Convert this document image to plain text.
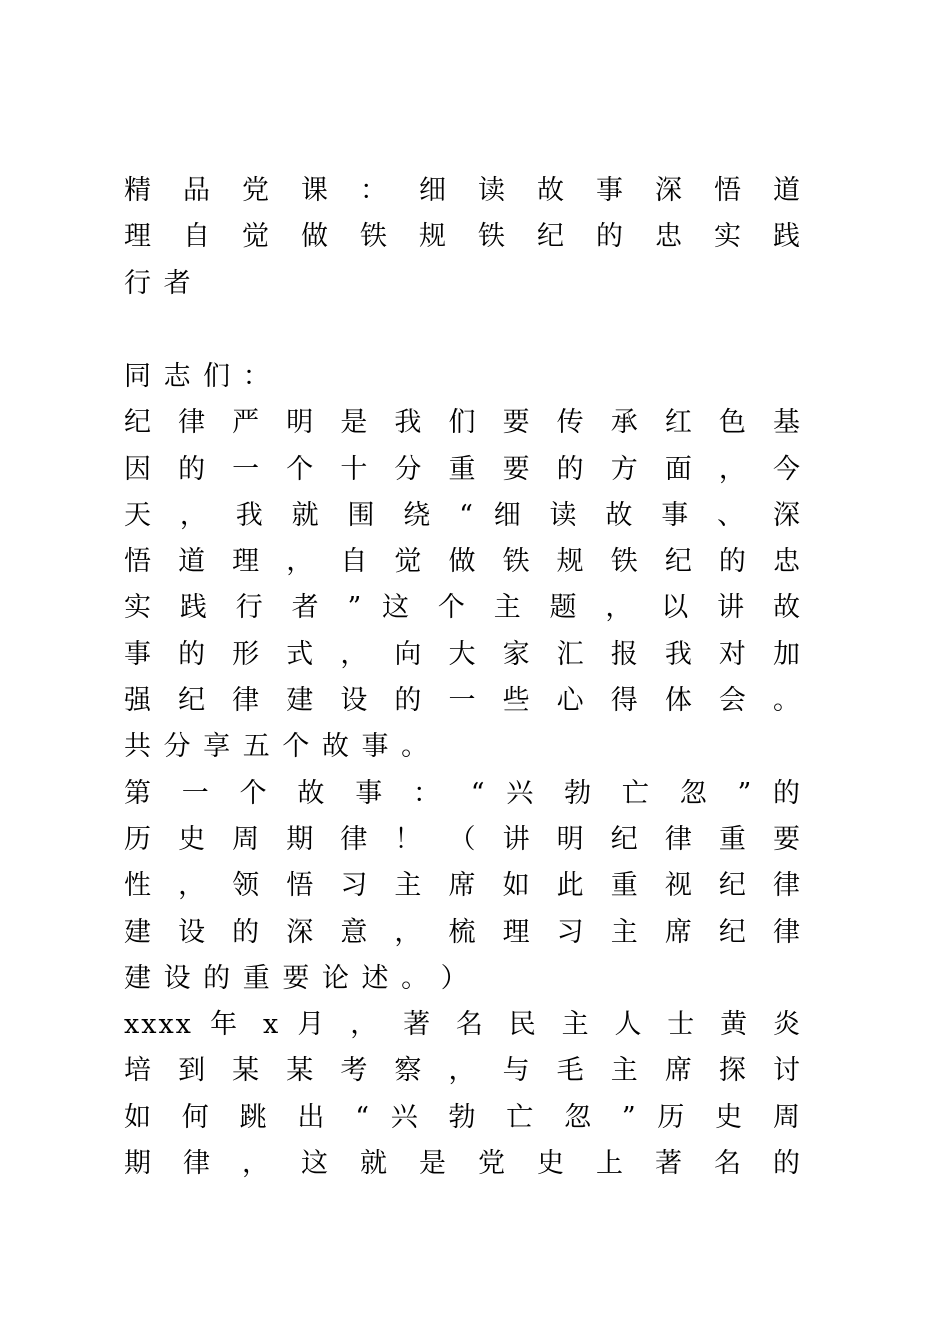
精 品 党 课 ： 细 读 故 事 深 悟 道
理 自 觉 做 铁 规 铁 纪 的 忠 实 践
行 者
同 志 们 ：
纪 律 严 明 是 我 们 要 传 承 红 色 基
因 的 一 个 十 分 重 要 的 方 面 ， 今
天 ， 我 就 围 绕 “ 细 读 故 事 、 深
悟 道 理 ， 自 觉 做 铁 规 铁 纪 的 忠
实 践 行 者 ” 这 个 主 题 ， 以 讲 故
事 的 形 式 ， 向 大 家 汇 报 我 对 加
强 纪 律 建 设 的 一 些 心 得 体 会 。
共 分 享 五 个 故 事 。
第 一 个 故 事 ： “ 兴 勃 亡 忽 ” 的
历 史 周 期 律 ！ （ 讲 明 纪 律 重 要
性 ， 领 悟 习 主 席 如 此 重 视 纪 律
建 设 的 深 意 ， 梳 理 习 主 席 纪 律
建 设 的 重 要 论 述 。 ）
xxxx 年 x 月 ， 著 名 民 主 人 士 黄 炎
培 到 某 某 考 察 ， 与 毛 主 席 探 讨
如 何 跳 出 “ 兴 勃 亡 忽 ” 历 史 周
期 律 ， 这 就 是 党 史 上 著 名 的
